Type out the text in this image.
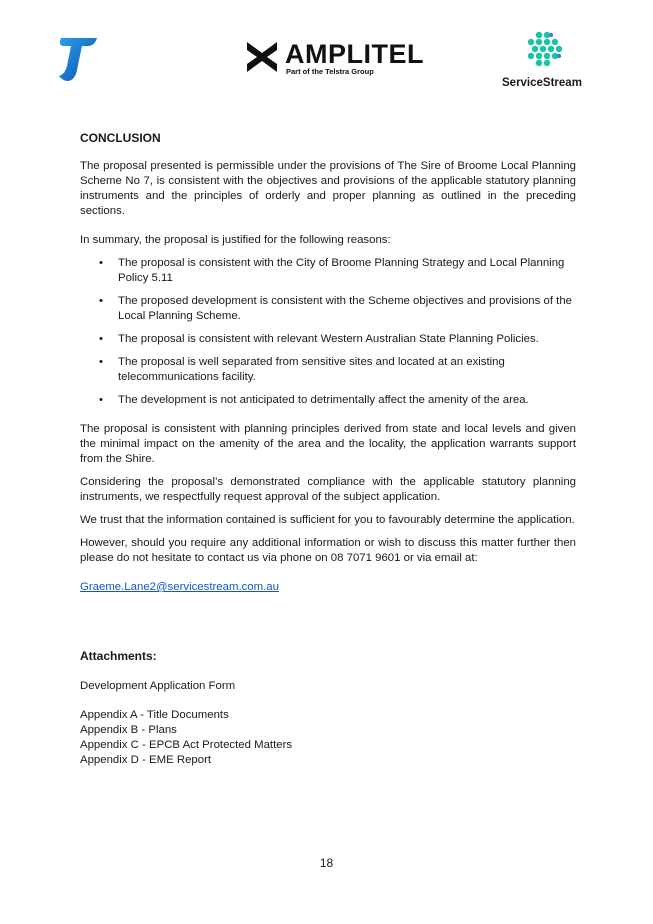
AMPLITEL
Part of the Telstra Group
ServiceStream
CONCLUSION

The proposal presented is permissible under the provisions of The Sire of Broome Local Planning Scheme No 7, is consistent with the objectives and provisions of the applicable statutory planning instruments and the principles of orderly and proper planning as outlined in the preceding sections.

In summary, the proposal is justified for the following reasons:

• The proposal is consistent with the City of Broome Planning Strategy and Local Planning Policy 5.11
• The proposed development is consistent with the Scheme objectives and provisions of the Local Planning Scheme.
• The proposal is consistent with relevant Western Australian State Planning Policies.
• The proposal is well separated from sensitive sites and located at an existing telecommunications facility.
• The development is not anticipated to detrimentally affect the amenity of the area.

The proposal is consistent with planning principles derived from state and local levels and given the minimal impact on the amenity of the area and the locality, the application warrants support from the Shire.

Considering the proposal’s demonstrated compliance with the applicable statutory planning instruments, we respectfully request approval of the subject application.

We trust that the information contained is sufficient for you to favourably determine the application.

However, should you require any additional information or wish to discuss this matter further then please do not hesitate to contact us via phone on 08 7071 9601 or via email at:

Graeme.Lane2@servicestream.com.au

Attachments:
Development Application Form
Appendix A - Title Documents
Appendix B - Plans
Appendix C - EPCB Act Protected Matters
Appendix D - EME Report
18
